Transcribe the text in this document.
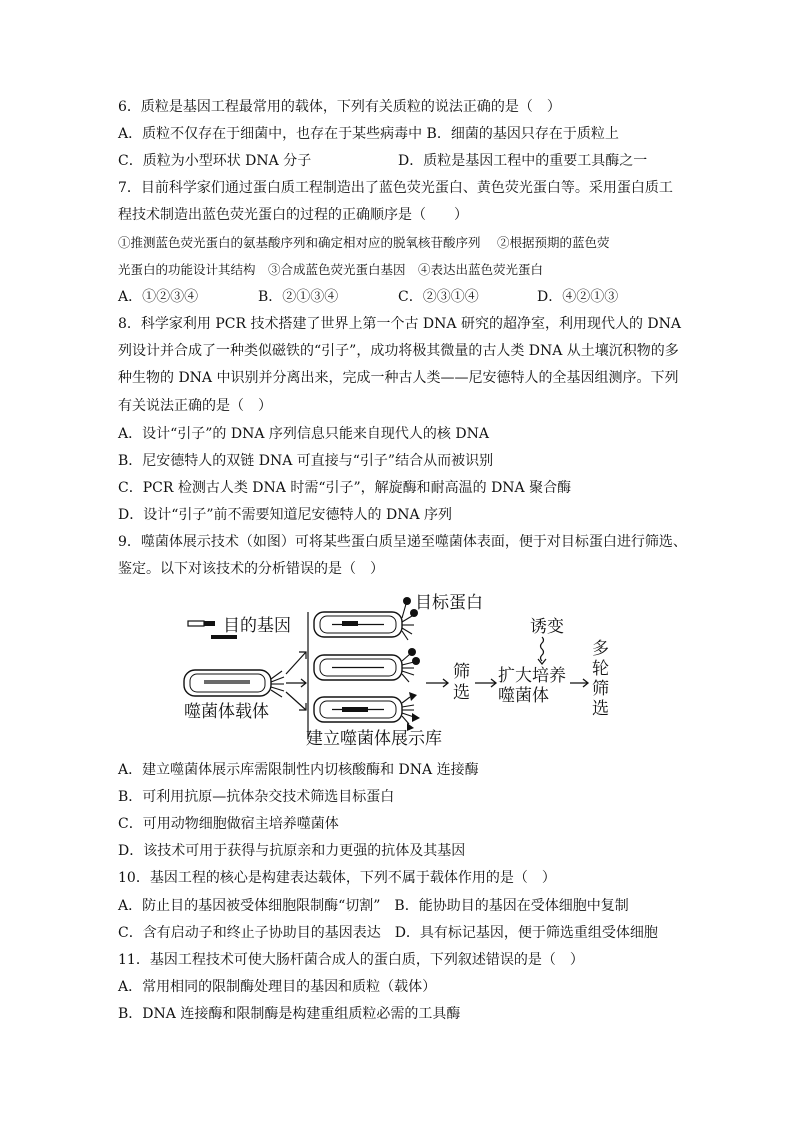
6．质粒是基因工程最常用的载体，下列有关质粒的说法正确的是（　）
A．质粒不仅存在于细菌中，也存在于某些病毒中 B．细菌的基因只存在于质粒上
C．质粒为小型环状 DNA 分子	D．质粒是基因工程中的重要工具酶之一
7．目前科学家们通过蛋白质工程制造出了蓝色荧光蛋白、黄色荧光蛋白等。采用蛋白质工
程技术制造出蓝色荧光蛋白的过程的正确顺序是（　　）
①推测蓝色荧光蛋白的氨基酸序列和确定相对应的脱氧核苷酸序列　 ②根据预期的蓝色荧
光蛋白的功能设计其结构　③合成蓝色荧光蛋白基因　④表达出蓝色荧光蛋白
A．①②③④	B．②①③④	C．②③①④	D．④②①③
8．科学家利用 PCR 技术搭建了世界上第一个古 DNA 研究的超净室，利用现代人的 DNA
列设计并合成了一种类似磁铁的“引子”，成功将极其微量的古人类 DNA 从土壤沉积物的多
种生物的 DNA 中识别并分离出来，完成一种古人类——尼安德特人的全基因组测序。下列
有关说法正确的是（　）
A．设计“引子”的 DNA 序列信息只能来自现代人的核 DNA
B．尼安德特人的双链 DNA 可直接与“引子”结合从而被识别
C．PCR 检测古人类 DNA 时需“引子”，解旋酶和耐高温的 DNA 聚合酶
D．设计“引子”前不需要知道尼安德特人的 DNA 序列
9．噬菌体展示技术（如图）可将某些蛋白质呈递至噬菌体表面，便于对目标蛋白进行筛选、
鉴定。以下对该技术的分析错误的是（　）
目的基因
噬菌体载体
目标蛋白
建立噬菌体展示库
筛
选
诱变
扩大培养
噬菌体
多
轮
筛
选
A．建立噬菌体展示库需限制性内切核酸酶和 DNA 连接酶
B．可利用抗原—抗体杂交技术筛选目标蛋白
C．可用动物细胞做宿主培养噬菌体
D．该技术可用于获得与抗原亲和力更强的抗体及其基因
10．基因工程的核心是构建表达载体，下列不属于载体作用的是（　）
A．防止目的基因被受体细胞限制酶“切割”　B．能协助目的基因在受体细胞中复制
C．含有启动子和终止子协助目的基因表达　D．具有标记基因，便于筛选重组受体细胞
11．基因工程技术可使大肠杆菌合成人的蛋白质，下列叙述错误的是（　）
A．常用相同的限制酶处理目的基因和质粒（载体）
B．DNA 连接酶和限制酶是构建重组质粒必需的工具酶
